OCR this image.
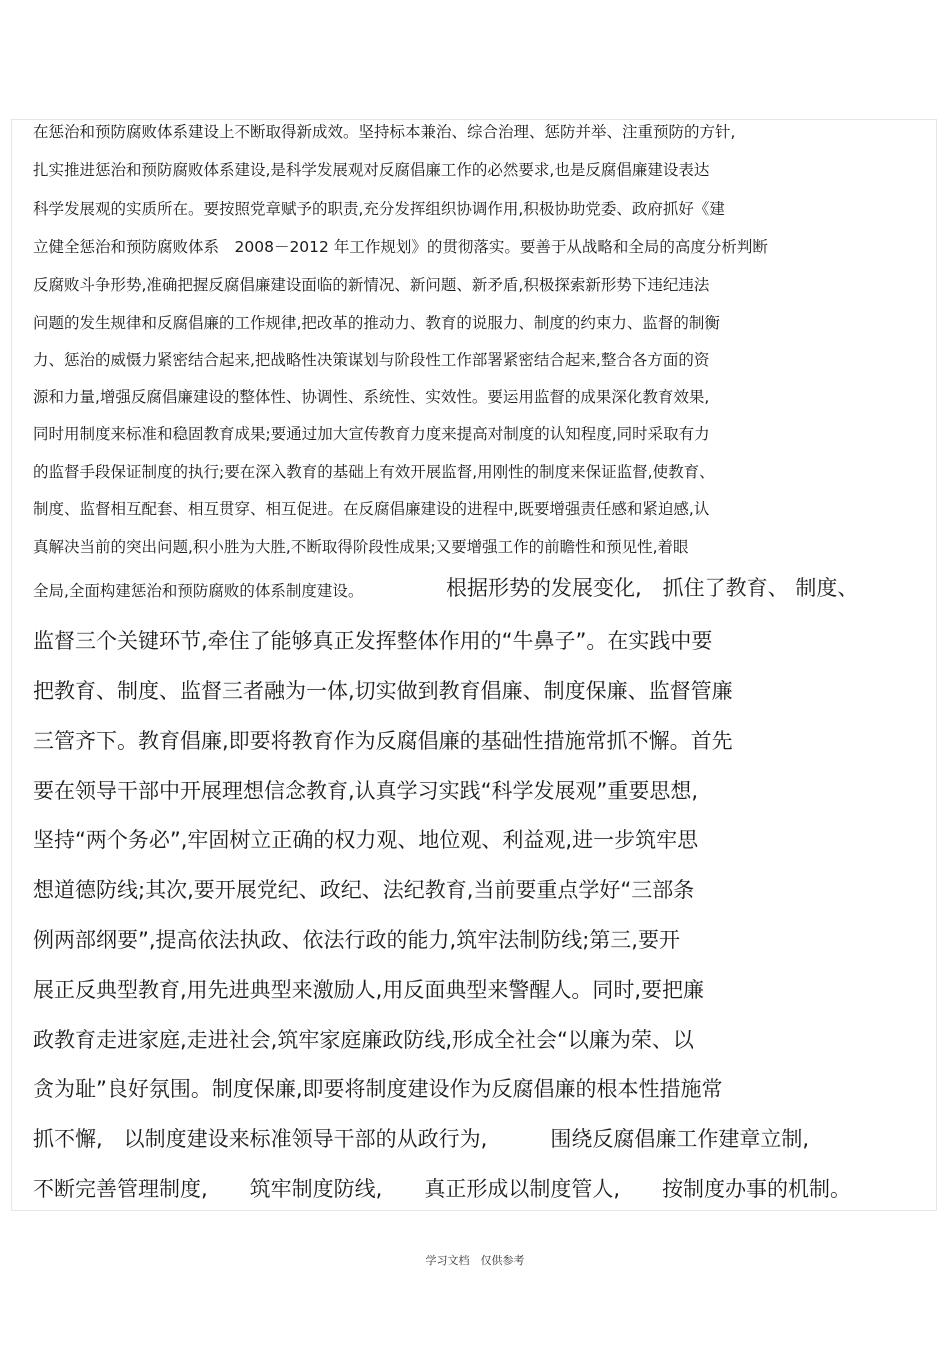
在惩治和预防腐败体系建设上不断取得新成效。坚持标本兼治、综合治理、惩防并举、注重预防的方针,
扎实推进惩治和预防腐败体系建设,是科学发展观对反腐倡廉工作的必然要求,也是反腐倡廉建设表达
科学发展观的实质所在。要按照党章赋予的职责,充分发挥组织协调作用,积极协助党委、政府抓好《建
立健全惩治和预防腐败体系　2008－2012 年工作规划》的贯彻落实。要善于从战略和全局的高度分析判断
反腐败斗争形势,准确把握反腐倡廉建设面临的新情况、新问题、新矛盾,积极探索新形势下违纪违法
问题的发生规律和反腐倡廉的工作规律,把改革的推动力、教育的说服力、制度的约束力、监督的制衡
力、惩治的威慑力紧密结合起来,把战略性决策谋划与阶段性工作部署紧密结合起来,整合各方面的资
源和力量,增强反腐倡廉建设的整体性、协调性、系统性、实效性。要运用监督的成果深化教育效果,
同时用制度来标准和稳固教育成果;要通过加大宣传教育力度来提高对制度的认知程度,同时采取有力
的监督手段保证制度的执行;要在深入教育的基础上有效开展监督,用刚性的制度来保证监督,使教育、
制度、监督相互配套、相互贯穿、相互促进。在反腐倡廉建设的进程中,既要增强责任感和紧迫感,认
真解决当前的突出问题,积小胜为大胜,不断取得阶段性成果;又要增强工作的前瞻性和预见性,着眼
全局,全面构建惩治和预防腐败的体系制度建设。	根据形势的发展变化,　抓住了教育、 制度、
监督三个关键环节,牵住了能够真正发挥整体作用的“牛鼻子”。在实践中要
把教育、制度、监督三者融为一体,切实做到教育倡廉、制度保廉、监督管廉
三管齐下。教育倡廉,即要将教育作为反腐倡廉的基础性措施常抓不懈。首先
要在领导干部中开展理想信念教育,认真学习实践“科学发展观”重要思想,
坚持“两个务必”,牢固树立正确的权力观、地位观、利益观,进一步筑牢思
想道德防线;其次,要开展党纪、政纪、法纪教育,当前要重点学好“三部条
例两部纲要”,提高依法执政、依法行政的能力,筑牢法制防线;第三,要开
展正反典型教育,用先进典型来激励人,用反面典型来警醒人。同时,要把廉
政教育走进家庭,走进社会,筑牢家庭廉政防线,形成全社会“以廉为荣、以
贪为耻”良好氛围。制度保廉,即要将制度建设作为反腐倡廉的根本性措施常
抓不懈,　以制度建设来标准领导干部的从政行为,　　　围绕反腐倡廉工作建章立制,
不断完善管理制度,　　筑牢制度防线,　　真正形成以制度管人,　　按制度办事的机制。
学习文档　仅供参考
